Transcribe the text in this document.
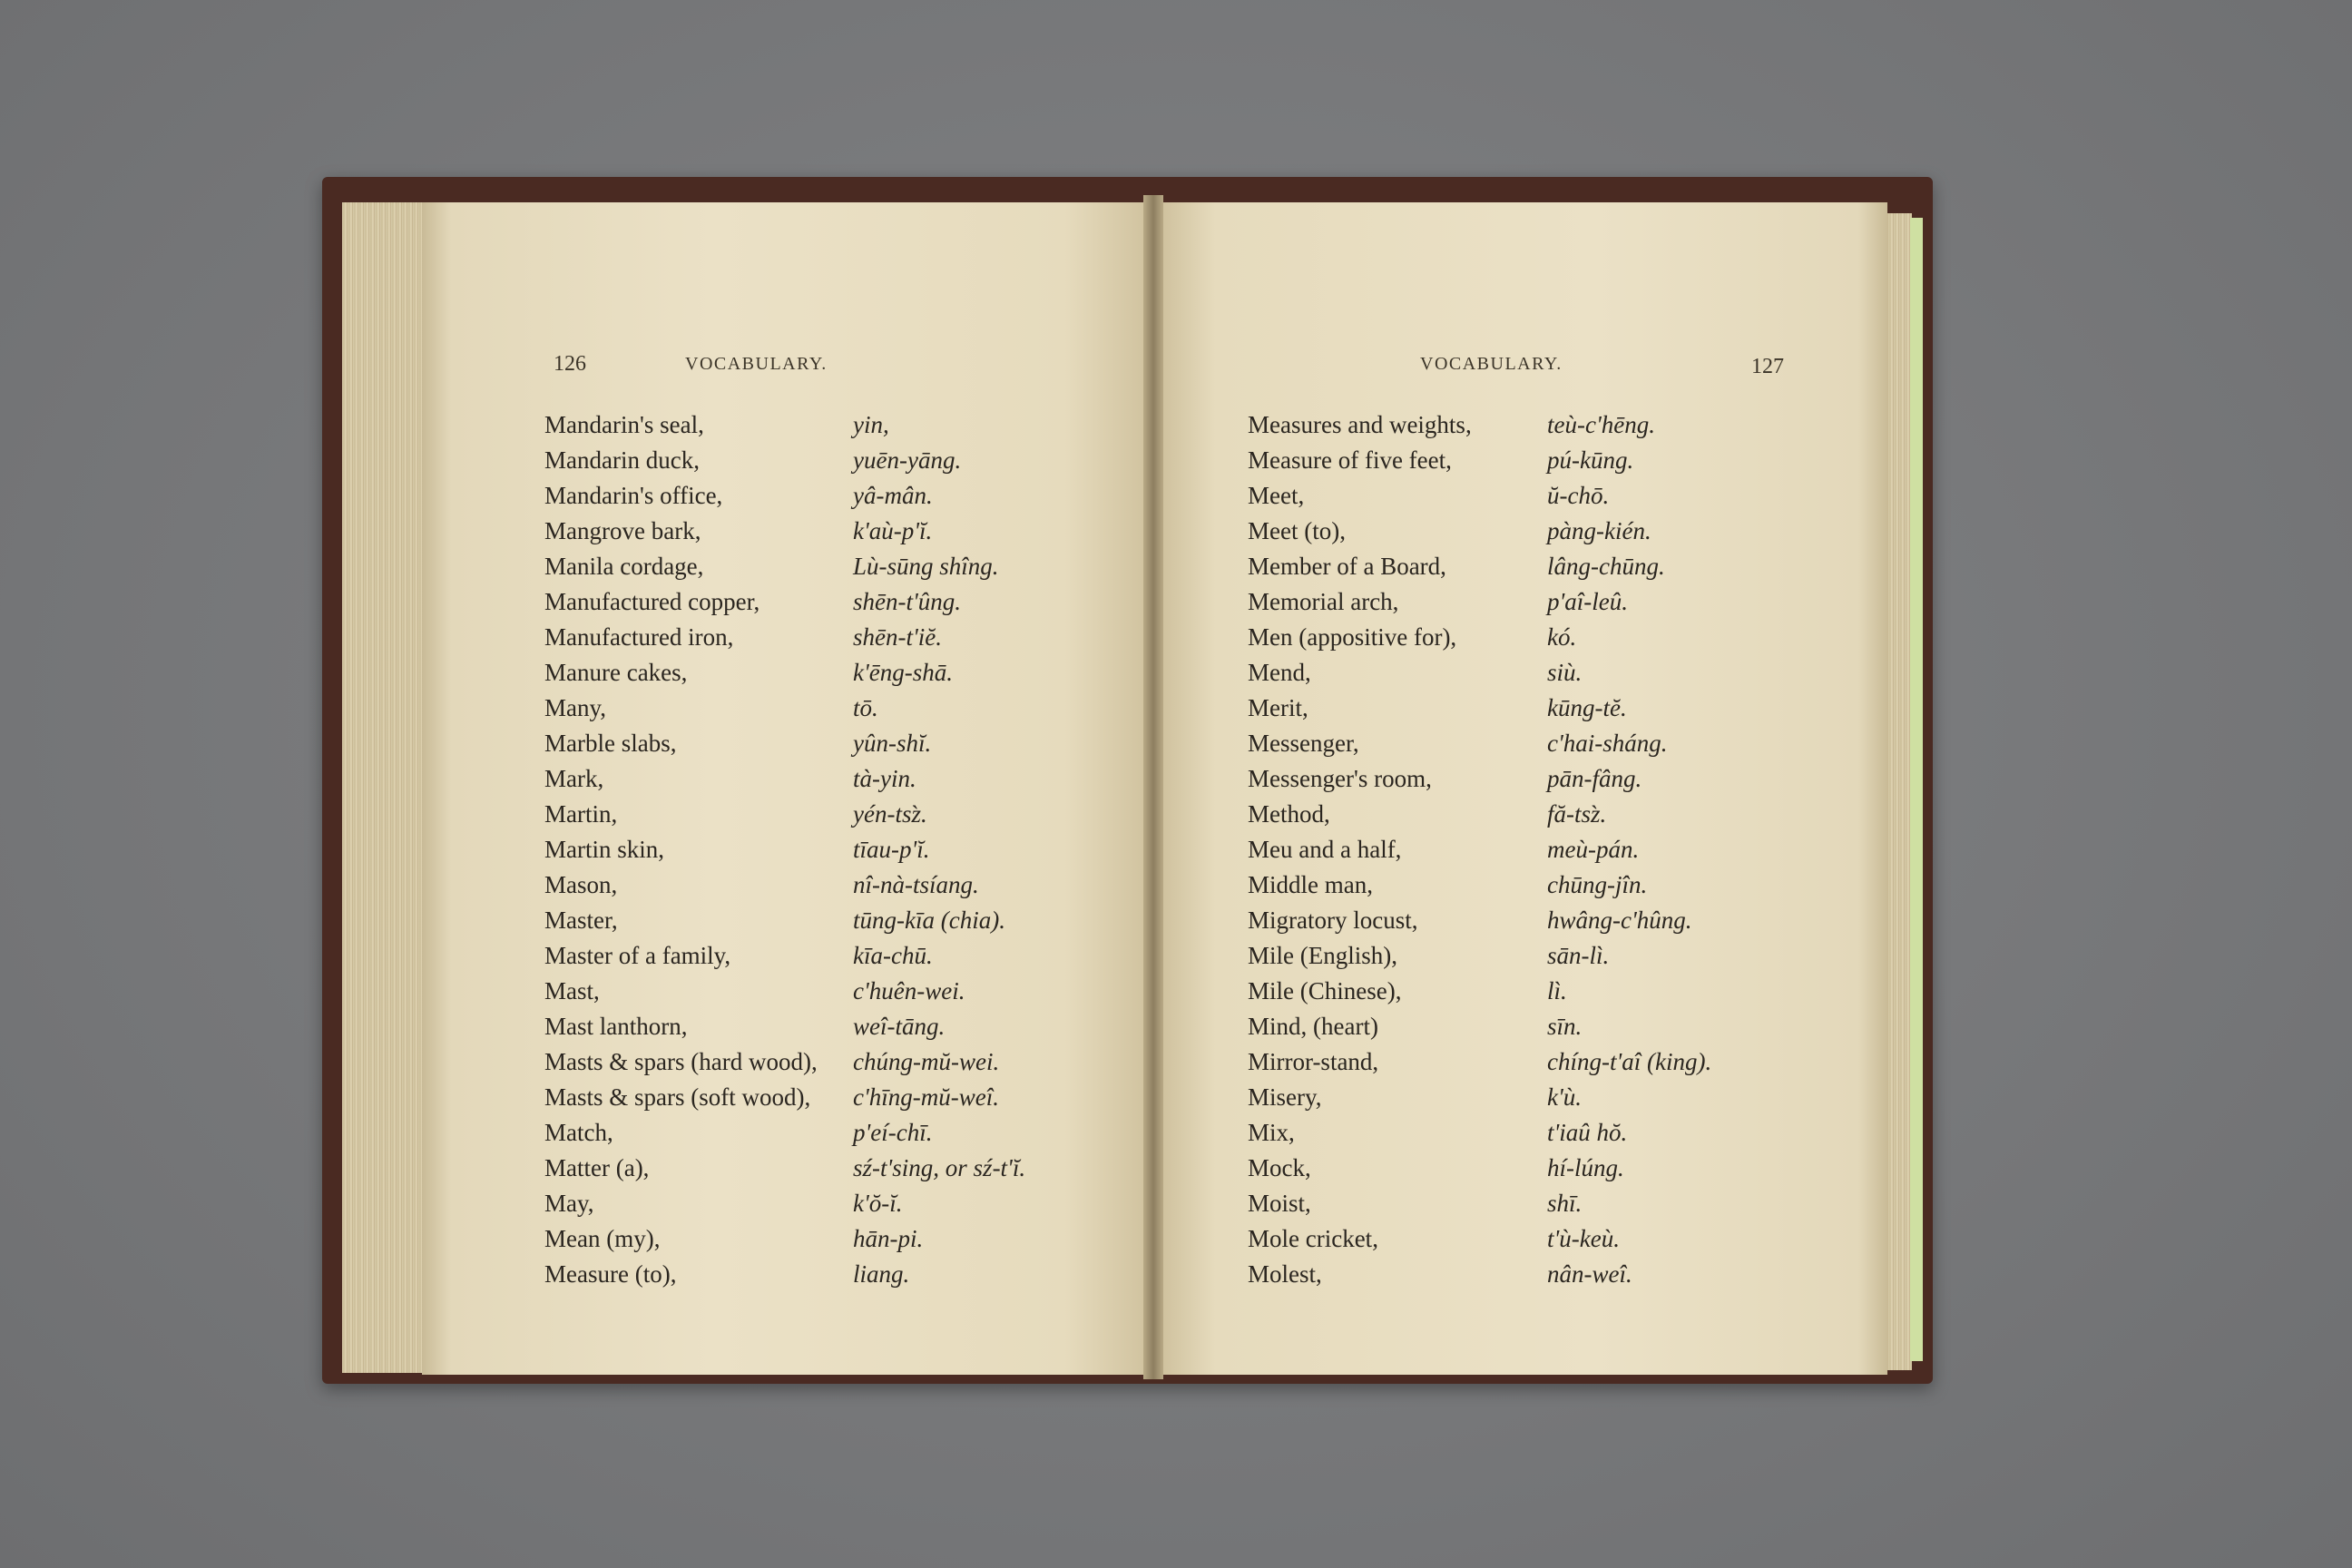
126	VOCABULARY.
Mandarin's seal,	yin,
Mandarin duck,	yuēn-yāng.
Mandarin's office,	yâ-mân.
Mangrove bark,	k'aù-p'ĭ.
Manila cordage,	Lù-sūng shîng.
Manufactured copper,	shēn-t'ûng.
Manufactured iron,	shēn-t'iĕ.
Manure cakes,	k'ēng-shā.
Many,	tō.
Marble slabs,	yûn-shĭ.
Mark,	tà-yin.
Martin,	yén-tsz̀.
Martin skin,	tīau-p'ĭ.
Mason,	nî-nà-tsíang.
Master,	tūng-kīa (chia).
Master of a family,	kīa-chū.
Mast,	c'huên-wei.
Mast lanthorn,	weî-tāng.
Masts & spars (hard wood), chúng-mŭ-wei.
Masts & spars (soft wood), c'hīng-mŭ-weî.
Match,	p'eí-chī.
Matter (a),	sź-t'sing, or sź-t'ĭ.
May,	k'ŏ-ĭ.
Mean (my),	hān-pi.
Measure (to),	liang.
VOCABULARY.	127
Measures and weights,	teù-c'hēng.
Measure of five feet,	pú-kūng.
Meet,	ŭ-chō.
Meet (to),	pàng-kién.
Member of a Board,	lâng-chūng.
Memorial arch,	p'aî-leû.
Men (appositive for),	kó.
Mend,	siù.
Merit,	kūng-tĕ.
Messenger,	c'hai-sháng.
Messenger's room,	pān-fâng.
Method,	fă-tsz̀.
Meu and a half,	meù-pán.
Middle man,	chūng-jîn.
Migratory locust,	hwâng-c'hûng.
Mile (English),	sān-lì.
Mile (Chinese),	lì.
Mind, (heart)	sīn.
Mirror-stand,	chíng-t'aî (king).
Misery,	k'ù.
Mix,	t'iaû hŏ.
Mock,	hí-lúng.
Moist,	shī.
Mole cricket,	t'ù-keù.
Molest,	nân-weî.
